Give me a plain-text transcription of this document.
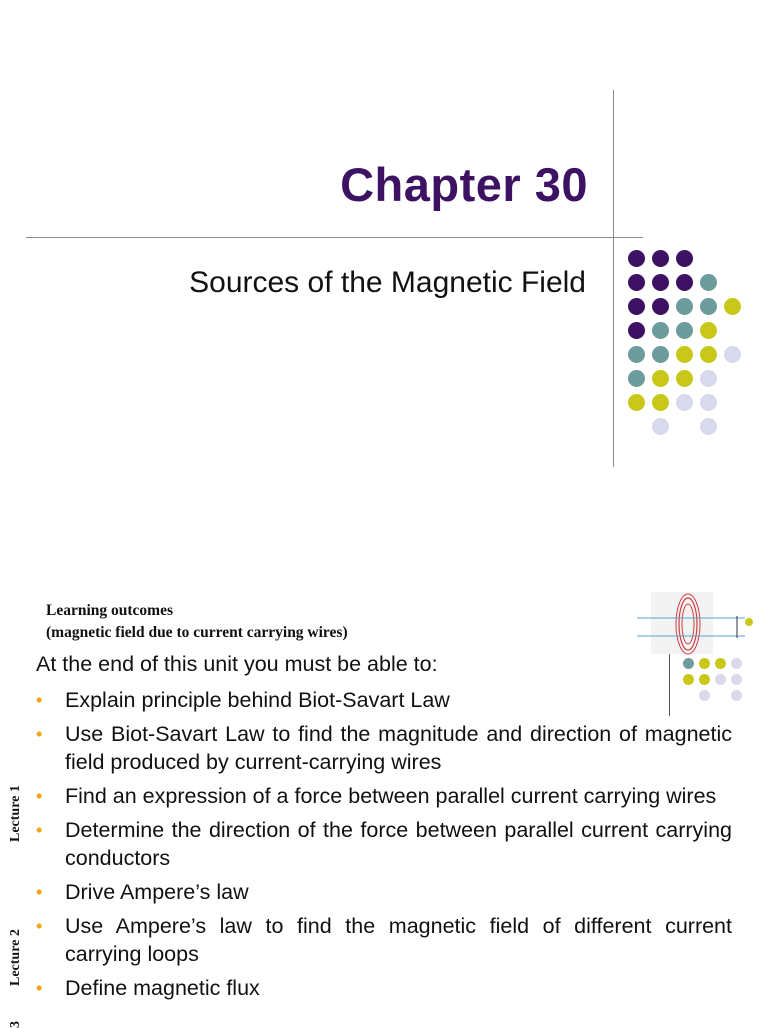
Chapter 30

Sources of the Magnetic Field

Learning outcomes
(magnetic field due to current carrying wires)

At the end of this unit you must be able to:

• Explain principle behind Biot-Savart Law
• Use Biot-Savart Law to find the magnitude and direction of magnetic field produced by current-carrying wires
• Find an expression of a force between parallel current carrying wires
• Determine the direction of the force between parallel current carrying conductors
• Drive Ampere’s law
• Use Ampere’s law to find the magnetic field of different current carrying loops
• Define magnetic flux
Lecture 1
Lecture 2
3
